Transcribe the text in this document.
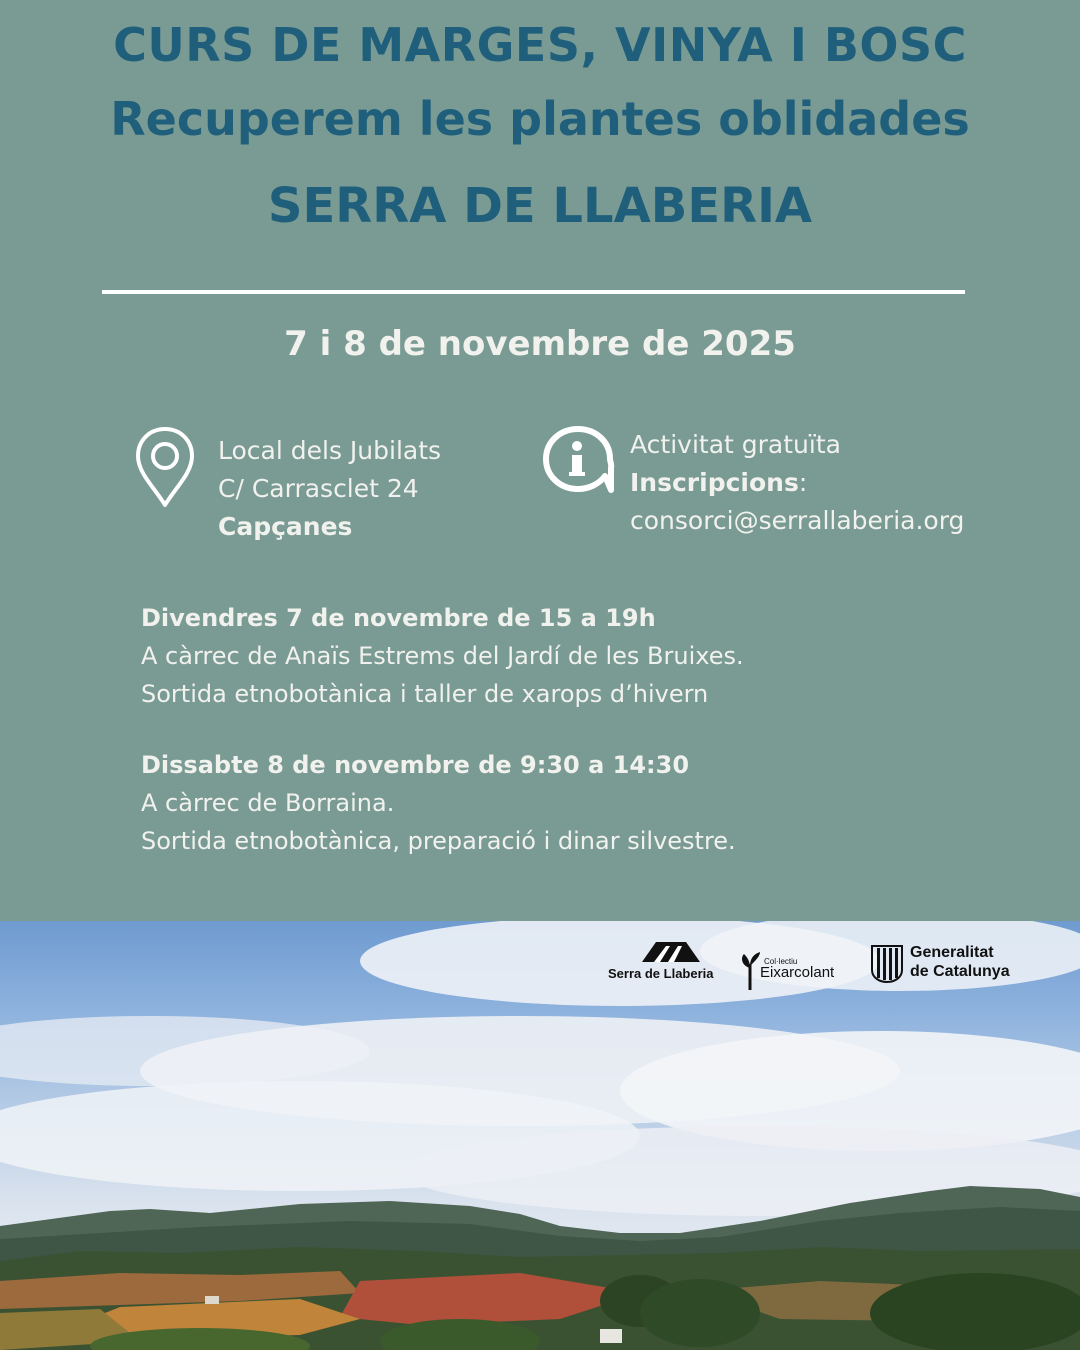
CURS DE MARGES, VINYA I BOSC
Recuperem les plantes oblidades
SERRA DE LLABERIA
7 i 8 de novembre de 2025
Local dels Jubilats
C/ Carrasclet 24
Capçanes
Activitat gratuïta
Inscripcions:
consorci@serrallaberia.org
Divendres 7 de novembre de 15 a 19h
A càrrec de Anaïs Estrems del Jardí de les Bruixes.
Sortida etnobotànica i taller de xarops d’hivern
Dissabte 8 de novembre de 9:30 a 14:30
A càrrec de Borraina.
Sortida etnobotànica, preparació i dinar silvestre.
Serra de Llaberia
Col·lectiu
Eixarcolant
Generalitat
de Catalunya
